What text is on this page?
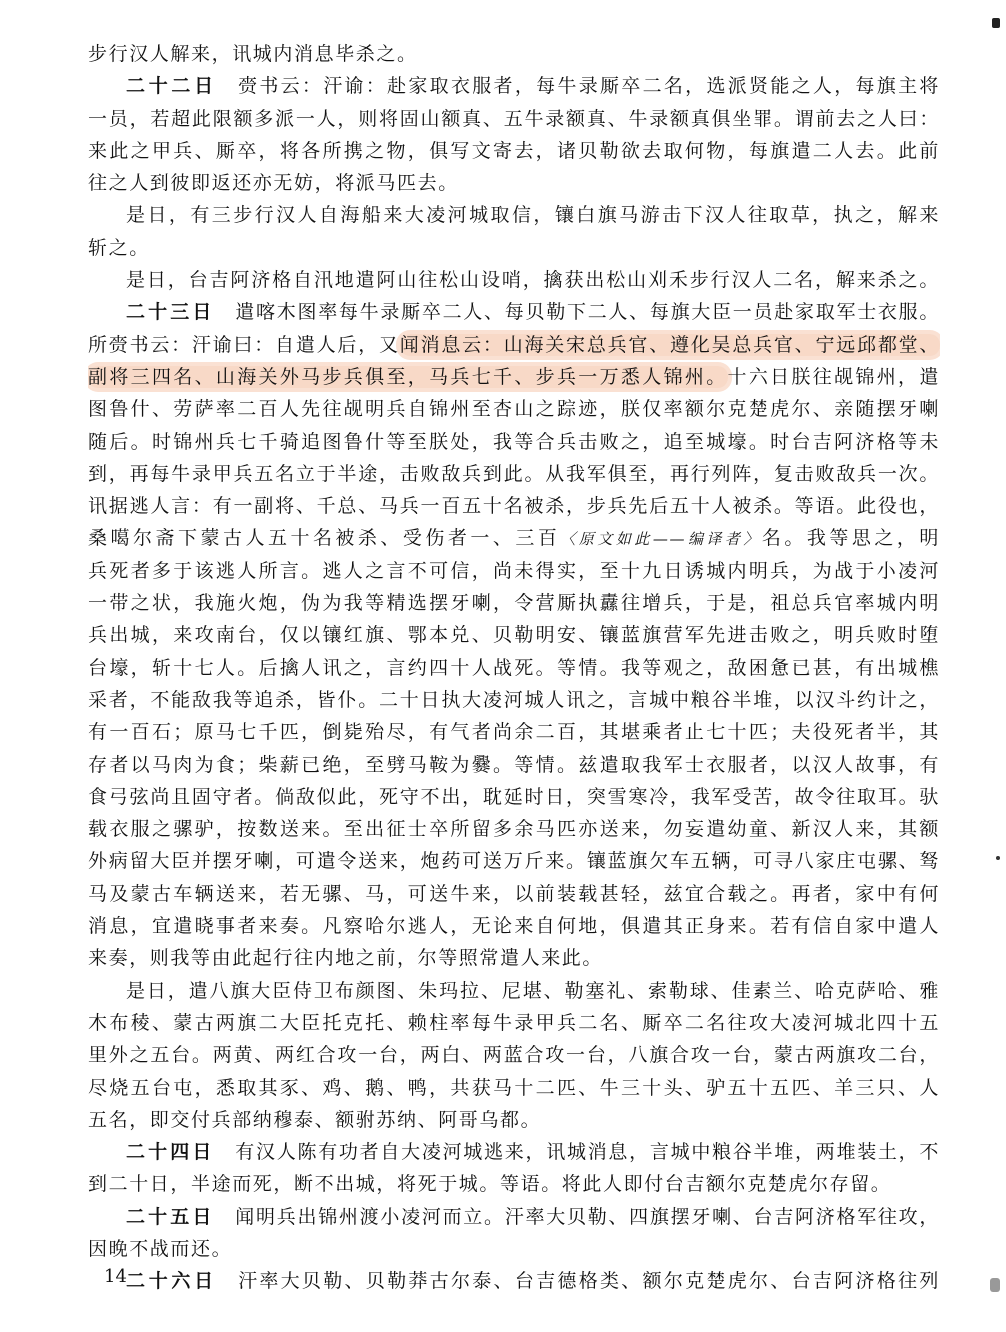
步行汉人解来，讯城内消息毕杀之。
二十二日　 赍书云：汗谕：赴家取衣服者，每牛录厮卒二名，选派贤能之人，每旗主将
一员，若超此限额多派一人，则将固山额真、五牛录额真、牛录额真俱坐罪。谓前去之人曰：
来此之甲兵、厮卒，将各所携之物，俱写文寄去，诸贝勒欲去取何物，每旗遣二人去。此前
往之人到彼即返还亦无妨，将派马匹去。
是日，有三步行汉人自海船来大凌河城取信，镶白旗马游击下汉人往取草，执之，解来
斩之。
是日，台吉阿济格自汛地遣阿山往松山设哨，擒获出松山刈禾步行汉人二名，解来杀之。
二十三日　 遣喀木图率每牛录厮卒二人、每贝勒下二人、每旗大臣一员赴家取军士衣服。
所赍书云：汗谕曰：自遣人后，又闻消息云：山海关宋总兵官、遵化吴总兵官、宁远邱都堂、
副将三四名、山海关外马步兵俱至，马兵七千、步兵一万悉人锦州。十六日朕往觇锦州，遣
图鲁什、劳萨率二百人先往觇明兵自锦州至杏山之踪迹，朕仅率额尔克楚虎尔、亲随摆牙喇
随后。时锦州兵七千骑追图鲁什等至朕处，我等合兵击败之，追至城壕。时台吉阿济格等未
到，再每牛录甲兵五名立于半途，击败敌兵到此。从我军俱至，再行列阵，复击败敌兵一次。
讯据逃人言：有一副将、千总、马兵一百五十名被杀，步兵先后五十人被杀。等语。此役也，
桑噶尔斋下蒙古人五十名被杀、受伤者一、三百〈原文如此——编译者〉名。我等思之，明
兵死者多于该逃人所言。逃人之言不可信，尚未得实，至十九日诱城内明兵，为战于小凌河
一带之状，我施火炮，伪为我等精选摆牙喇，令营厮执纛往增兵，于是，祖总兵官率城内明
兵出城，来攻南台，仅以镶红旗、鄂本兑、贝勒明安、镶蓝旗营军先进击败之，明兵败时堕
台壕，斩十七人。后擒人讯之，言约四十人战死。等情。我等观之，敌困惫已甚，有出城樵
采者，不能敌我等追杀，皆仆。二十日执大凌河城人讯之，言城中粮谷半堆，以汉斗约计之，
有一百石；原马七千匹，倒毙殆尽，有气者尚余二百，其堪乘者止七十匹；夫役死者半，其
存者以马肉为食；柴薪已绝，至劈马鞍为爨。等情。兹遣取我军士衣服者，以汉人故事，有
食弓弦尚且固守者。倘敌似此，死守不出，耽延时日，突雪寒冷，我军受苦，故令往取耳。驮
载衣服之骡驴，按数送来。至出征士卒所留多余马匹亦送来，勿妄遣幼童、新汉人来，其额
外病留大臣并摆牙喇，可遣令送来，炮药可送万斤来。镶蓝旗欠车五辆，可寻八家庄屯骡、驽
马及蒙古车辆送来，若无骡、马，可送牛来，以前装载甚轻，兹宜合载之。再者，家中有何
消息，宜遣晓事者来奏。凡察哈尔逃人，无论来自何地，俱遣其正身来。若有信自家中遣人
来奏，则我等由此起行往内地之前，尔等照常遣人来此。
是日，遣八旗大臣侍卫布颜图、朱玛拉、尼堪、勒塞礼、索勒球、佳素兰、哈克萨哈、雅
木布稜、蒙古两旗二大臣托克托、赖柱率每牛录甲兵二名、厮卒二名往攻大凌河城北四十五
里外之五台。两黄、两红合攻一台，两白、两蓝合攻一台，八旗合攻一台，蒙古两旗攻二台，
尽烧五台屯，悉取其豕、鸡、鹅、鸭，共获马十二匹、牛三十头、驴五十五匹、羊三只、人
五名，即交付兵部纳穆泰、额驸苏纳、阿哥乌都。
二十四日　 有汉人陈有功者自大凌河城逃来，讯城消息，言城中粮谷半堆，两堆装土，不
到二十日，半途而死，断不出城，将死于城。等语。将此人即付台吉额尔克楚虎尔存留。
二十五日　 闻明兵出锦州渡小凌河而立。汗率大贝勒、四旗摆牙喇、台吉阿济格军往攻，
因晚不战而还。
二十六日　 汗率大贝勒、贝勒莽古尔泰、台吉德格类、额尔克楚虎尔、台吉阿济格往列
14
